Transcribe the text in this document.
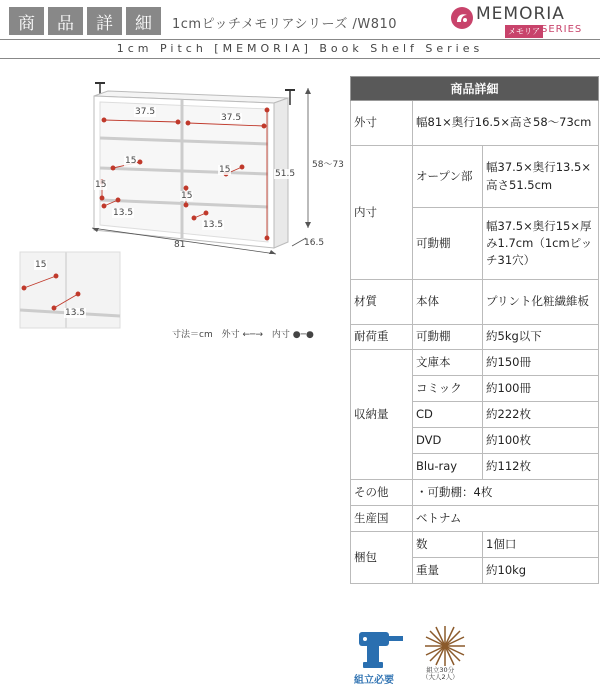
商	品	詳	細	1cmピッチメモリアシリーズ /W810
MEMORIA
メモリア SERIES
1cm Pitch [MEMORIA] Book Shelf Series
81
58〜73
16.5
37.5
37.5
51.5
15
15
15
15
13.5
13.5
15
13.5
寸法＝cm 外寸 ←─→ 内寸 ●─●
商品詳細		
外寸	幅81×奥行16.5×高さ58〜73cm	
内寸	オープン部	幅37.5×奥行13.5×高さ51.5cm
	可動棚	幅37.5×奥行15×厚み1.7cm（1cmピッチ31穴）
材質	本体	プリント化粧繊維板
耐荷重	可動棚	約5kg以下
収納量	文庫本	約150冊
	コミック	約100冊
	CD	約222枚
	DVD	約100枚
	Blu-ray	約112枚
その他	・可動棚：4枚	
生産国	ベトナム	
梱包	数	1個口
	重量	約10kg
組立必要
組立30分
（大人2人）
